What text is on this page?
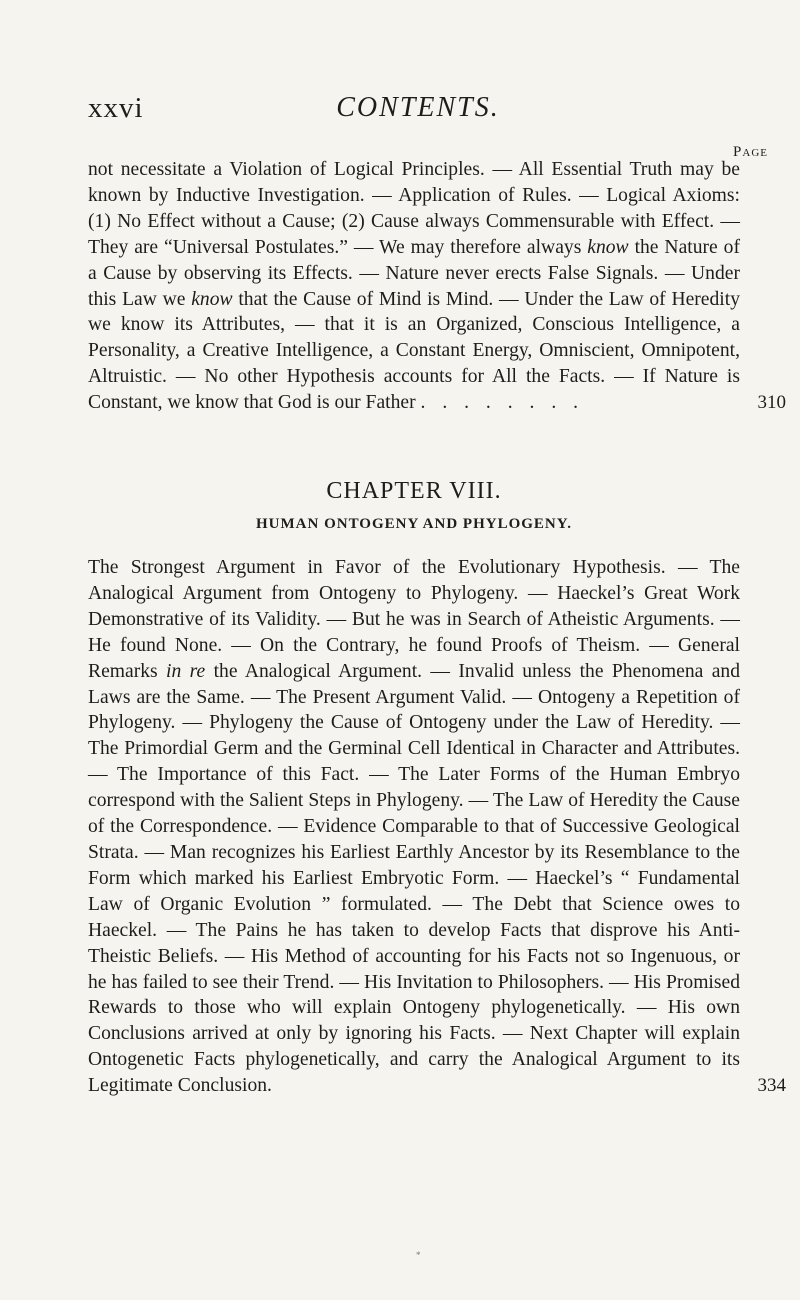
xxvi	CONTENTS.
Page
not necessitate a Violation of Logical Principles. — All Essential Truth may be known by Inductive Investigation. — Application of Rules. — Logical Axioms: (1) No Effect without a Cause; (2) Cause always Commensurable with Effect. — They are “Universal Postulates.” — We may therefore always know the Nature of a Cause by observing its Effects. — Nature never erects False Signals. — Under this Law we know that the Cause of Mind is Mind. — Under the Law of Heredity we know its Attributes, — that it is an Organized, Conscious Intelligence, a Personality, a Creative Intelligence, a Constant Energy, Omniscient, Omnipotent, Altruistic. — No other Hypothesis accounts for All the Facts. — If Nature is Constant, we know that God is our Father . . . . . . . .	310
CHAPTER VIII.
HUMAN ONTOGENY AND PHYLOGENY.
The Strongest Argument in Favor of the Evolutionary Hypothesis. — The Analogical Argument from Ontogeny to Phylogeny. — Haeckel’s Great Work Demonstrative of its Validity. — But he was in Search of Atheistic Arguments. — He found None. — On the Contrary, he found Proofs of Theism. — General Remarks in re the Analogical Argument. — Invalid unless the Phenomena and Laws are the Same. — The Present Argument Valid. — Ontogeny a Repetition of Phylogeny. — Phylogeny the Cause of Ontogeny under the Law of Heredity. — The Primordial Germ and the Germinal Cell Identical in Character and Attributes. — The Importance of this Fact. — The Later Forms of the Human Embryo correspond with the Salient Steps in Phylogeny. — The Law of Heredity the Cause of the Correspondence. — Evidence Comparable to that of Successive Geological Strata. — Man recognizes his Earliest Earthly Ancestor by its Resemblance to the Form which marked his Earliest Embryotic Form. — Haeckel’s “ Fundamental Law of Organic Evolution ” formulated. — The Debt that Science owes to Haeckel. — The Pains he has taken to develop Facts that disprove his Anti-Theistic Beliefs. — His Method of accounting for his Facts not so Ingenuous, or he has failed to see their Trend. — His Invitation to Philosophers. — His Promised Rewards to those who will explain Ontogeny phylogenetically. — His own Conclusions arrived at only by ignoring his Facts. — Next Chapter will explain Ontogenetic Facts phylogenetically, and carry the Analogical Argument to its Legitimate Conclusion.	334
*
